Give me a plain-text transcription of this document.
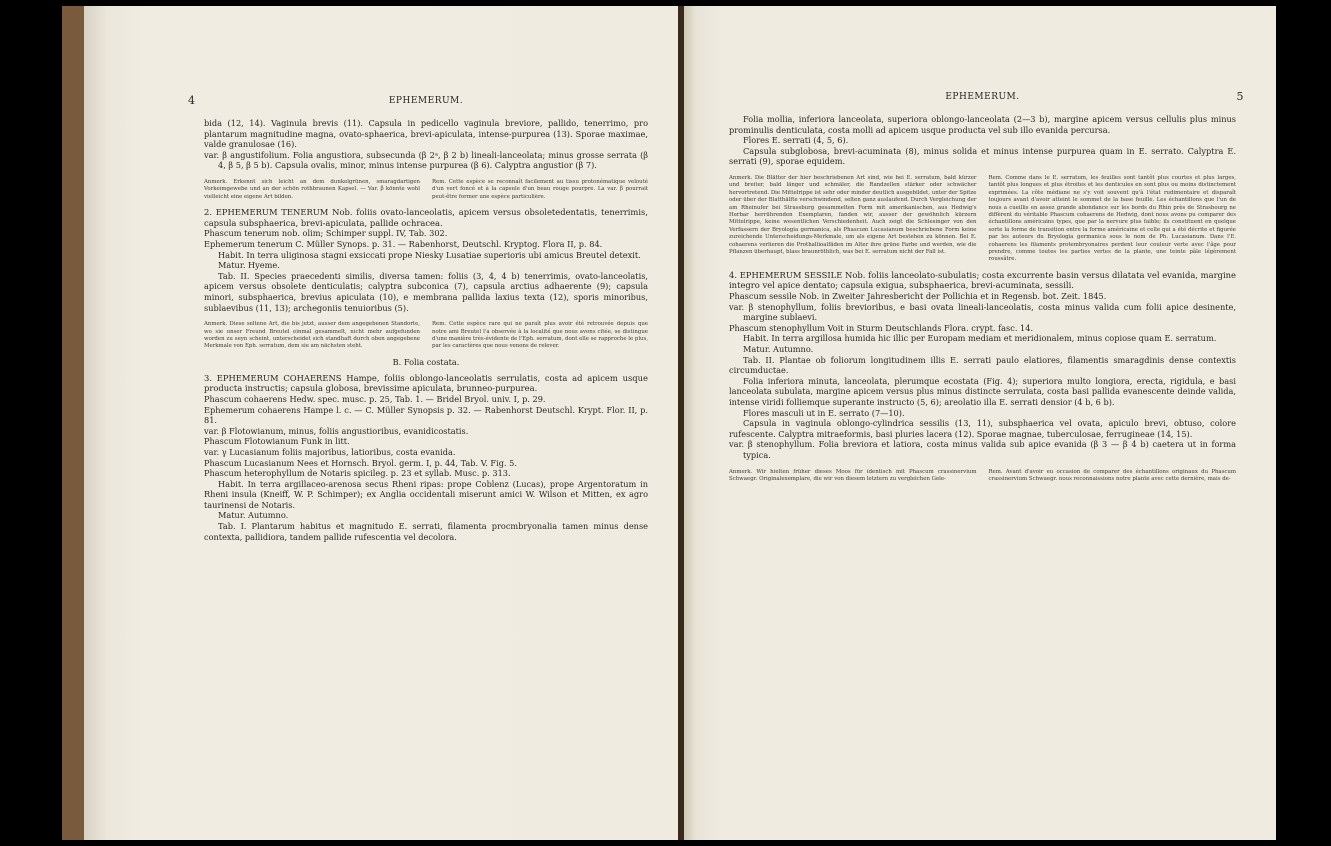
4	EPHEMERUM.

bida (12, 14). Vaginula brevis (11). Capsula in pedicello vaginula breviore, pallido, tenerrimo, pro plantarum magnitudine magna, ovato-sphaerica, brevi-apiculata, intense-purpurea (13). Sporae maximae, valde granulosae (16).

var. β angustifolium. Folia angustiora, subsecunda (β 2ᵃ, β 2 b) lineali-lanceolata; minus grosse serrata (β 4, β 5, β 5 b). Capsula ovalis, minor, minus intense purpurea (β 6). Calyptra angustior (β 7).

Anmerk. Erkennt sich leicht an dem dunkelgrünen, smaragdartigen Vorkeimgewebe und an der schön rothbraunen Kapsel. — Var. β könnte wohl vielleicht eine eigene Art bilden.
Rem. Cette espèce se reconnaît facilement au tissu protonématique velouté d'un vert foncé et à la capsule d'un beau rouge pourpre. La var. β pourrait peut-être former une espèce particulière.

2. EPHEMERUM TENERUM Nob. foliis ovato-lanceolatis, apicem versus obsoletedentatis, tenerrimis, capsula subsphaerica, brevi-apiculata, pallide ochracea.

Phascum tenerum nob. olim; Schimper suppl. IV, Tab. 302.

Ephemerum tenerum C. Müller Synops. p. 31. — Rabenhorst, Deutschl. Kryptog. Flora II, p. 84.

Habit. In terra uliginosa stagni exsiccati prope Niesky Lusatiae superioris ubi amicus Breutel detexit.

Matur. Hyeme.

Tab. II. Species praecedenti similis, diversa tamen: foliis (3, 4, 4 b) tenerrimis, ovato-lanceolatis, apicem versus obsolete denticulatis; calyptra subconica (7), capsula arctius adhaerente (9); capsula minori, subsphaerica, brevius apiculata (10), e membrana pallida laxius texta (12), sporis minoribus, sublaevibus (11, 13); archegoniis tenuioribus (5).

Anmerk. Diese seltene Art, die bis jetzt, ausser dem angegebenen Standorte, wo sie unser Freund Breutel einmal gesammelt, nicht mehr aufgefunden worden zu seyn scheint, unterscheidet sich standhaft durch oben angegebene Merkmale von Eph. serratum, dem sie am nächsten steht.
Rem. Cette espèce rare qui ne paraît plus avoir été retrouvée depuis que notre ami Breutel l'a observée à la localité que nous avons citée, se distingue d'une manière très-évidente de l'Eph. serratum, dont elle se rapproche le plus, par les caractères que nous venons de relever.

B. Folia costata.

3. EPHEMERUM COHAERENS Hampe, foliis oblongo-lanceolatis serrulatis, costa ad apicem usque producta instructis; capsula globosa, brevissime apiculata, brunneo-purpurea.

Phascum cohaerens Hedw. spec. musc. p. 25, Tab. 1. — Bridel Bryol. univ. I, p. 29.

Ephemerum cohaerens Hampe l. c. — C. Müller Synopsis p. 32. — Rabenhorst Deutschl. Krypt. Flor. II, p. 81.

var. β Flotowianum, minus, foliis angustioribus, evanidicostatis.

Phascum Flotowianum Funk in litt.

var. γ Lucasianum foliis majoribus, latioribus, costa evanida.

Phascum Lucasianum Nees et Hornsch. Bryol. germ. I, p. 44, Tab. V. Fig. 5.

Phascum heterophyllum de Notaris spicileg. p. 23 et syllab. Musc. p. 313.

Habit. In terra argillaceo-arenosa secus Rheni ripas: prope Coblenz (Lucas), prope Argentoratum in Rheni insula (Kneiff, W. P. Schimper); ex Anglia occidentali miserunt amici W. Wilson et Mitten, ex agro taurinensi de Notaris.

Matur. Autumno.

Tab. I. Plantarum habitus et magnitudo E. serrati, filamenta procmbryonalia tamen minus dense contexta, pallidiora, tandem pallide rufescentia vel decolora.

EPHEMERUM.	5

Folia mollia, inferiora lanceolata, superiora oblongo-lanceolata (2—3 b), margine apicem versus cellulis plus minus prominulis denticulata, costa molli ad apicem usque producta vel sub illo evanida percursa.

Flores E. serrati (4, 5, 6).

Capsula subglobosa, brevi-acuminata (8), minus solida et minus intense purpurea quam in E. serrato. Calyptra E. serrati (9), sporae equidem.

Anmerk. Die Blätter der hier beschriebenen Art sind, wie bei E. serratum, bald kürzer und breiter, bald länger und schmäler, die Randzellen stärker oder schwächer hervortretend. Die Mittelrippe ist sehr oder minder deutlich ausgebildet, unter der Spitze oder über der Blatthälfte verschwindend, selten ganz auslaufend. Durch Vergleichung der am Rheinufer bei Strassburg gesammelten Form mit amerikanischen, aus Hedwig's Herbar herrührenden Exemplaren, fanden wir, ausser der gewöhnlich kürzern Mittelrippe, keine wesentlichen Verschiedenheit. Auch zeigt die Schlesinger von den Verfassern der Bryologia germanica, als Phascum Lucasianum beschriebene Form keine zureichende Unterscheidungs-Merkmale, um als eigene Art bestehen zu können. Bei E. cohaerens verlieren die Prothallioalfäden im Alter ihre grüne Farbe und werden, wie die Pflanzen überhaupt, blass braunröthlich, was bei E. serratum nicht der Fall ist.
Rem. Comme dans le E. serratum, les feuilles sont tantôt plus courtes et plus larges, tantôt plus longues et plus étroites et les denticules en sont plus ou moins distinctement exprimées. La côte médiane ne s'y voit souvent qu'à l'état rudimentaire et disparaît toujours avant d'avoir atteint le sommet de la base feuille. Les échantillons que l'un de nous a cueillis en assez grande abondance sur les bords du Rhin près de Strasbourg ne diffèrent du véritable Phascum cohaerens de Hedwig, dont nous avons pu comparer des échantillons américains types, que par la nervure plus faible; ils constituent en quelque sorte la forme de transition entre la forme américaine et celle qui a été décrite et figurée par les auteurs du Bryologia germanica sous le nom de Ph. Lucasianum. Dans l'E. cohaerens les filaments protembryonaires perdent leur couleur verte avec l'âge pour prendre, comme toutes les parties vertes de la plante, une teinte pâle légèrement roussâtre.

4. EPHEMERUM SESSILE Nob. foliis lanceolato-subulatis; costa excurrente basin versus dilatata vel evanida, margine integro vel apice dentato; capsula exigua, subsphaerica, brevi-acuminata, sessili.

Phascum sessile Nob. in Zweiter Jahresbericht der Pollichia et in Regensb. bot. Zeit. 1845.

var. β stenophyllum, foliis brevioribus, e basi ovata lineali-lanceolatis, costa minus valida cum folii apice desinente, margine sublaevi.

Phascum stenophyllum Voit in Sturm Deutschlands Flora. crypt. fasc. 14.

Habit. In terra argillosa humida hic illic per Europam mediam et meridionalem, minus copiose quam E. serratum.

Matur. Autumno.

Tab. II. Plantae ob foliorum longitudinem illis E. serrati paulo elatiores, filamentis smaragdinis dense contextis circumductae.

Folia inferiora minuta, lanceolata, plerumque ecostata (Fig. 4); superiora multo longiora, erecta, rigidula, e basi lanceolata subulata, margine apicem versus plus minus distincte serrulata, costa basi pallida evanescente deinde valida, intense viridi folliemque superante instructo (5, 6); areolatio illa E. serrati densior (4 b, 6 b).

Flores masculi ut in E. serrato (7—10).

Capsula in vaginula oblongo-cylindrica sessilis (13, 11), subsphaerica vel ovata, apiculo brevi, obtuso, colore rufescente. Calyptra mitraeformis, basi pluries lacera (12). Sporae magnae, tuberculosae, ferrugineae (14, 15).

var. β stenophyllum. Folia breviora et latiora, costa minus valida sub apice evanida (β 3 — β 4 b) caetera ut in forma typica.

Anmerk. Wir hielten früher dieses Moos für identisch mit Phascum crassinervium Schwaegr. Originalexemplare, die wir von diesem letztern zu vergleichen Gele-
Rem. Avant d'avoir eu occasion de comparer des échantillons originaux du Phascum crassinervium Schwaegr. nous reconnaissions notre plante avec cette dernière, mais de-
